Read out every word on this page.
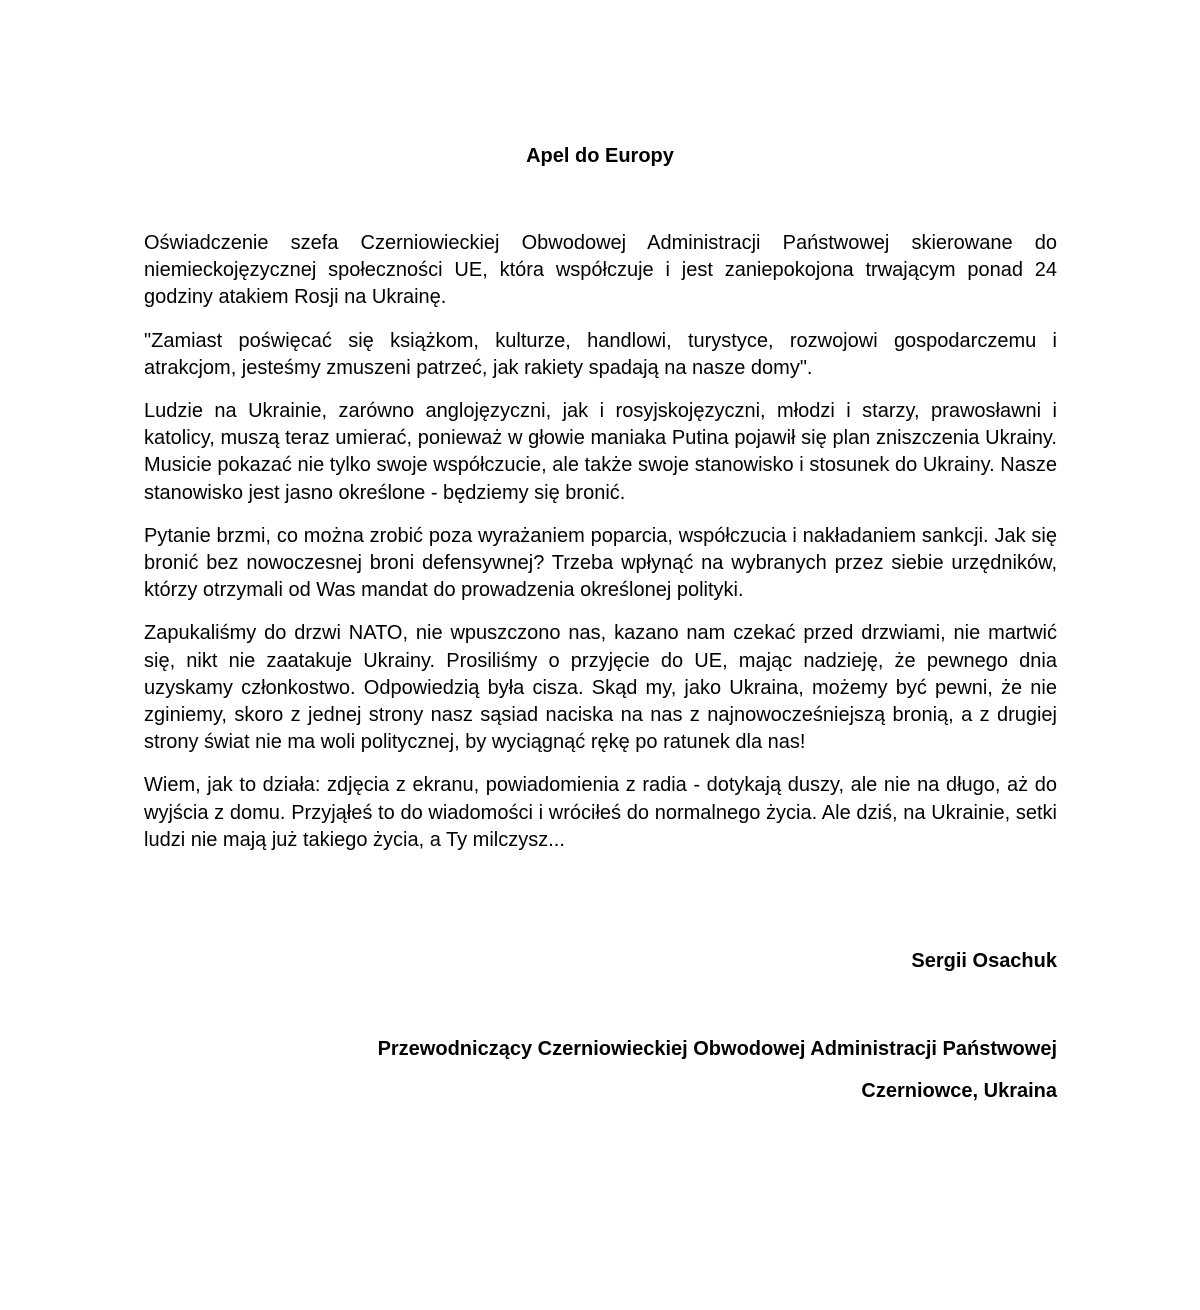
Apel do Europy

Oświadczenie szefa Czerniowieckiej Obwodowej Administracji Państwowej skierowane do niemieckojęzycznej społeczności UE, która współczuje i jest zaniepokojona trwającym ponad 24 godziny atakiem Rosji na Ukrainę.

"Zamiast poświęcać się książkom, kulturze, handlowi, turystyce, rozwojowi gospodarczemu i atrakcjom, jesteśmy zmuszeni patrzeć, jak rakiety spadają na nasze domy".

Ludzie na Ukrainie, zarówno anglojęzyczni, jak i rosyjskojęzyczni, młodzi i starzy, prawosławni i katolicy, muszą teraz umierać, ponieważ w głowie maniaka Putina pojawił się plan zniszczenia Ukrainy. Musicie pokazać nie tylko swoje współczucie, ale także swoje stanowisko i stosunek do Ukrainy. Nasze stanowisko jest jasno określone - będziemy się bronić.

Pytanie brzmi, co można zrobić poza wyrażaniem poparcia, współczucia i nakładaniem sankcji. Jak się bronić bez nowoczesnej broni defensywnej? Trzeba wpłynąć na wybranych przez siebie urzędników, którzy otrzymali od Was mandat do prowadzenia określonej polityki.

Zapukaliśmy do drzwi NATO, nie wpuszczono nas, kazano nam czekać przed drzwiami, nie martwić się, nikt nie zaatakuje Ukrainy. Prosiliśmy o przyjęcie do UE, mając nadzieję, że pewnego dnia uzyskamy członkostwo. Odpowiedzią była cisza. Skąd my, jako Ukraina, możemy być pewni, że nie zginiemy, skoro z jednej strony nasz sąsiad naciska na nas z najnowocześniejszą bronią, a z drugiej strony świat nie ma woli politycznej, by wyciągnąć rękę po ratunek dla nas!

Wiem, jak to działa: zdjęcia z ekranu, powiadomienia z radia - dotykają duszy, ale nie na długo, aż do wyjścia z domu. Przyjąłeś to do wiadomości i wróciłeś do normalnego życia. Ale dziś, na Ukrainie, setki ludzi nie mają już takiego życia, a Ty milczysz...

Sergii Osachuk
Przewodniczący Czerniowieckiej Obwodowej Administracji Państwowej
Czerniowce, Ukraina
